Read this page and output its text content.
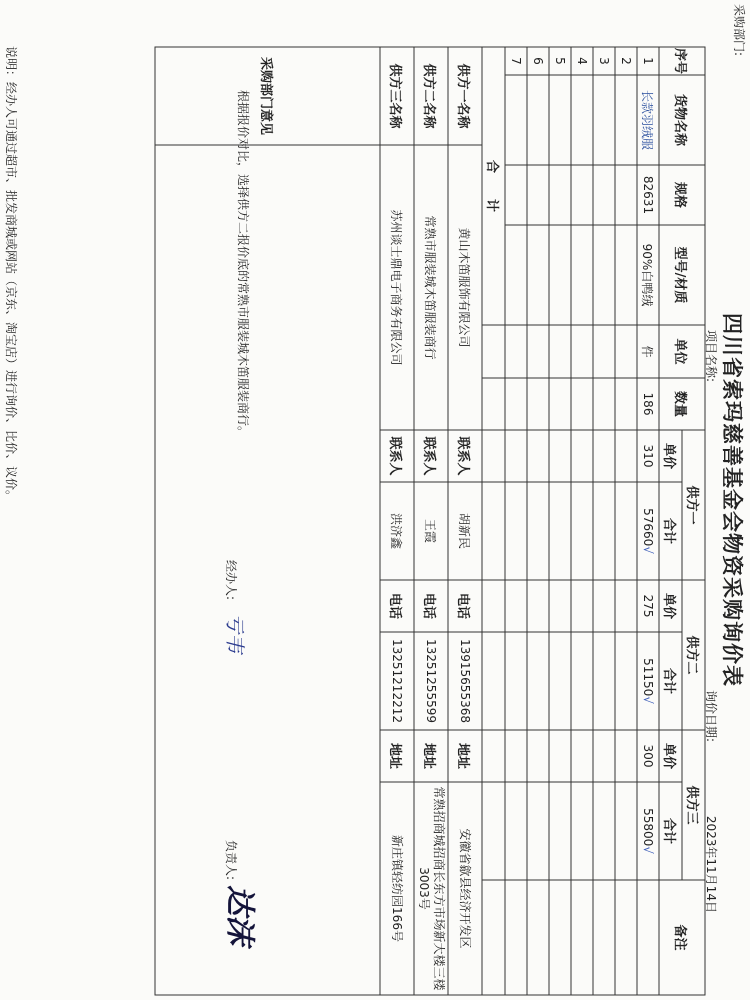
采购部门:
四川省索玛慈善基金会物资采购询价表
项目名称:
询价日期: 2023年11月14日
序号
货物名称
规格
型号/材质
单位
数量
供方一
供方二
供方三
备注
单价
合计
单价
合计
单价
合计
1
长款羽绒服
82631
90%白鸭绒
件
186
310
57660
√
275
51150
√
300
55800
√
2
3
4
5
6
7
合　　计
供方一名称
黄山木笛服饰有限公司
联系人
胡新民
供方二名称
常熟市服装城木笛服装商行
联系人
王霞
供方三名称
苏州谈士鼎电子商务有限公司
联系人
洪济鑫
采购部门意见
根据报价对比，选择供方二报价底的常熟市服装城木笛服装商行。
经办人:
亏韦
负责人:
达沫
说明：经办人可通过超市、批发商城或网站（京东、淘宝店）进行询价、比价、议价。
电话
13915655368
地址
安徽省歙县经济开发区
电话
13251255599
地址
常熟招商城招商长东方市场新大楼三楼3003号
电话
13251212212
地址
新庄镇轻纺园166号
